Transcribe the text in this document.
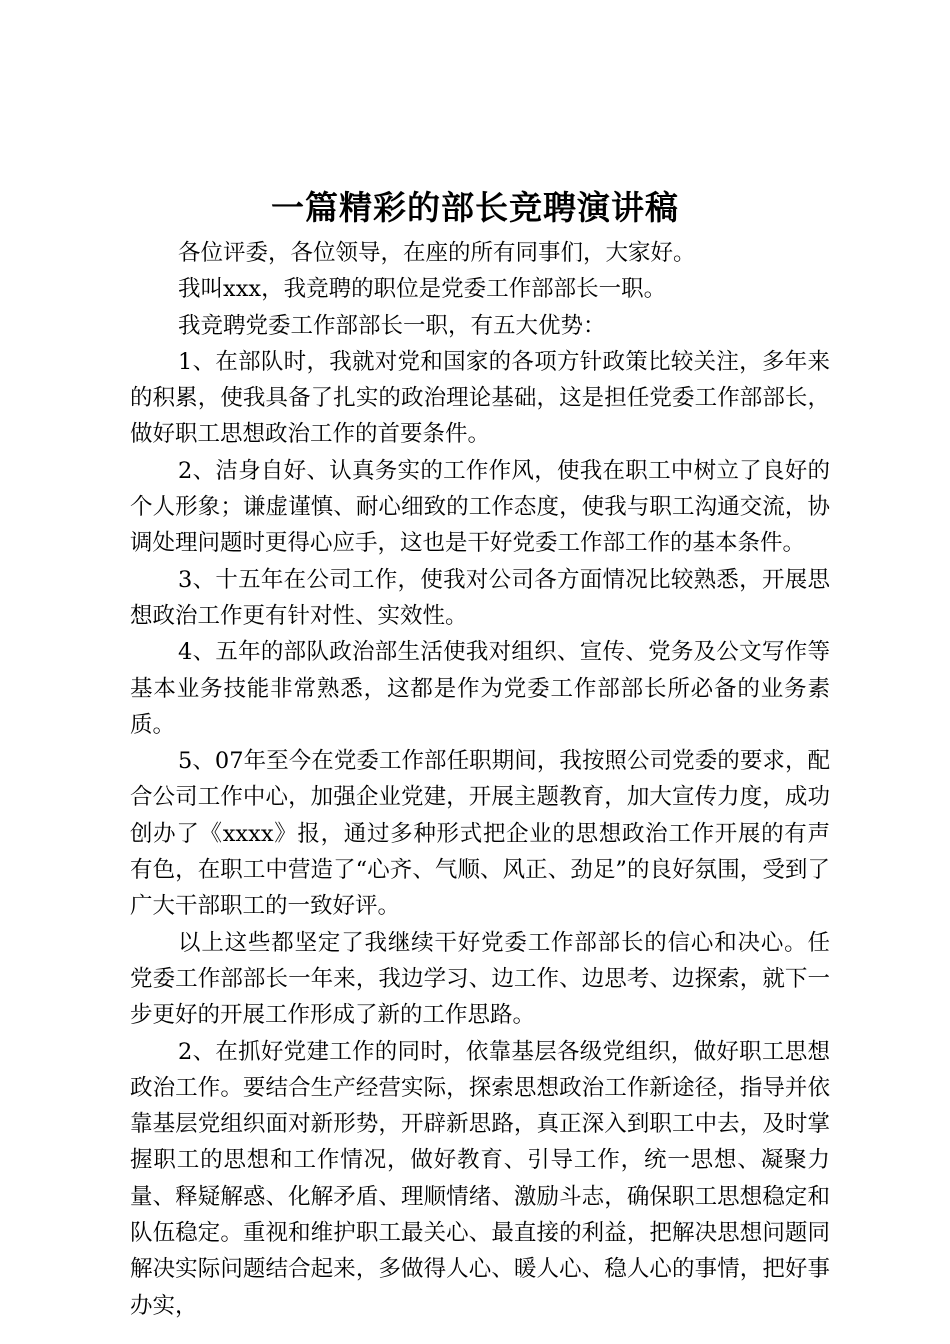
一篇精彩的部长竞聘演讲稿

各位评委，各位领导，在座的所有同事们，大家好。

我叫xxx，我竞聘的职位是党委工作部部长一职。

我竞聘党委工作部部长一职，有五大优势：

1、在部队时，我就对党和国家的各项方针政策比较关注，多年来的积累，使我具备了扎实的政治理论基础，这是担任党委工作部部长，做好职工思想政治工作的首要条件。

2、洁身自好、认真务实的工作作风，使我在职工中树立了良好的个人形象；谦虚谨慎、耐心细致的工作态度，使我与职工沟通交流，协调处理问题时更得心应手，这也是干好党委工作部工作的基本条件。

3、十五年在公司工作，使我对公司各方面情况比较熟悉，开展思想政治工作更有针对性、实效性。

4、五年的部队政治部生活使我对组织、宣传、党务及公文写作等基本业务技能非常熟悉，这都是作为党委工作部部长所必备的业务素质。

5、07年至今在党委工作部任职期间，我按照公司党委的要求，配合公司工作中心，加强企业党建，开展主题教育，加大宣传力度，成功创办了《xxxx》报，通过多种形式把企业的思想政治工作开展的有声有色，在职工中营造了“心齐、气顺、风正、劲足”的良好氛围，受到了广大干部职工的一致好评。

以上这些都坚定了我继续干好党委工作部部长的信心和决心。任党委工作部部长一年来，我边学习、边工作、边思考、边探索，就下一步更好的开展工作形成了新的工作思路。

2、在抓好党建工作的同时，依靠基层各级党组织，做好职工思想政治工作。要结合生产经营实际，探索思想政治工作新途径，指导并依靠基层党组织面对新形势，开辟新思路，真正深入到职工中去，及时掌握职工的思想和工作情况，做好教育、引导工作，统一思想、凝聚力量、释疑解惑、化解矛盾、理顺情绪、激励斗志，确保职工思想稳定和队伍稳定。重视和维护职工最关心、最直接的利益，把解决思想问题同解决实际问题结合起来，多做得人心、暖人心、稳人心的事情，把好事办实，
